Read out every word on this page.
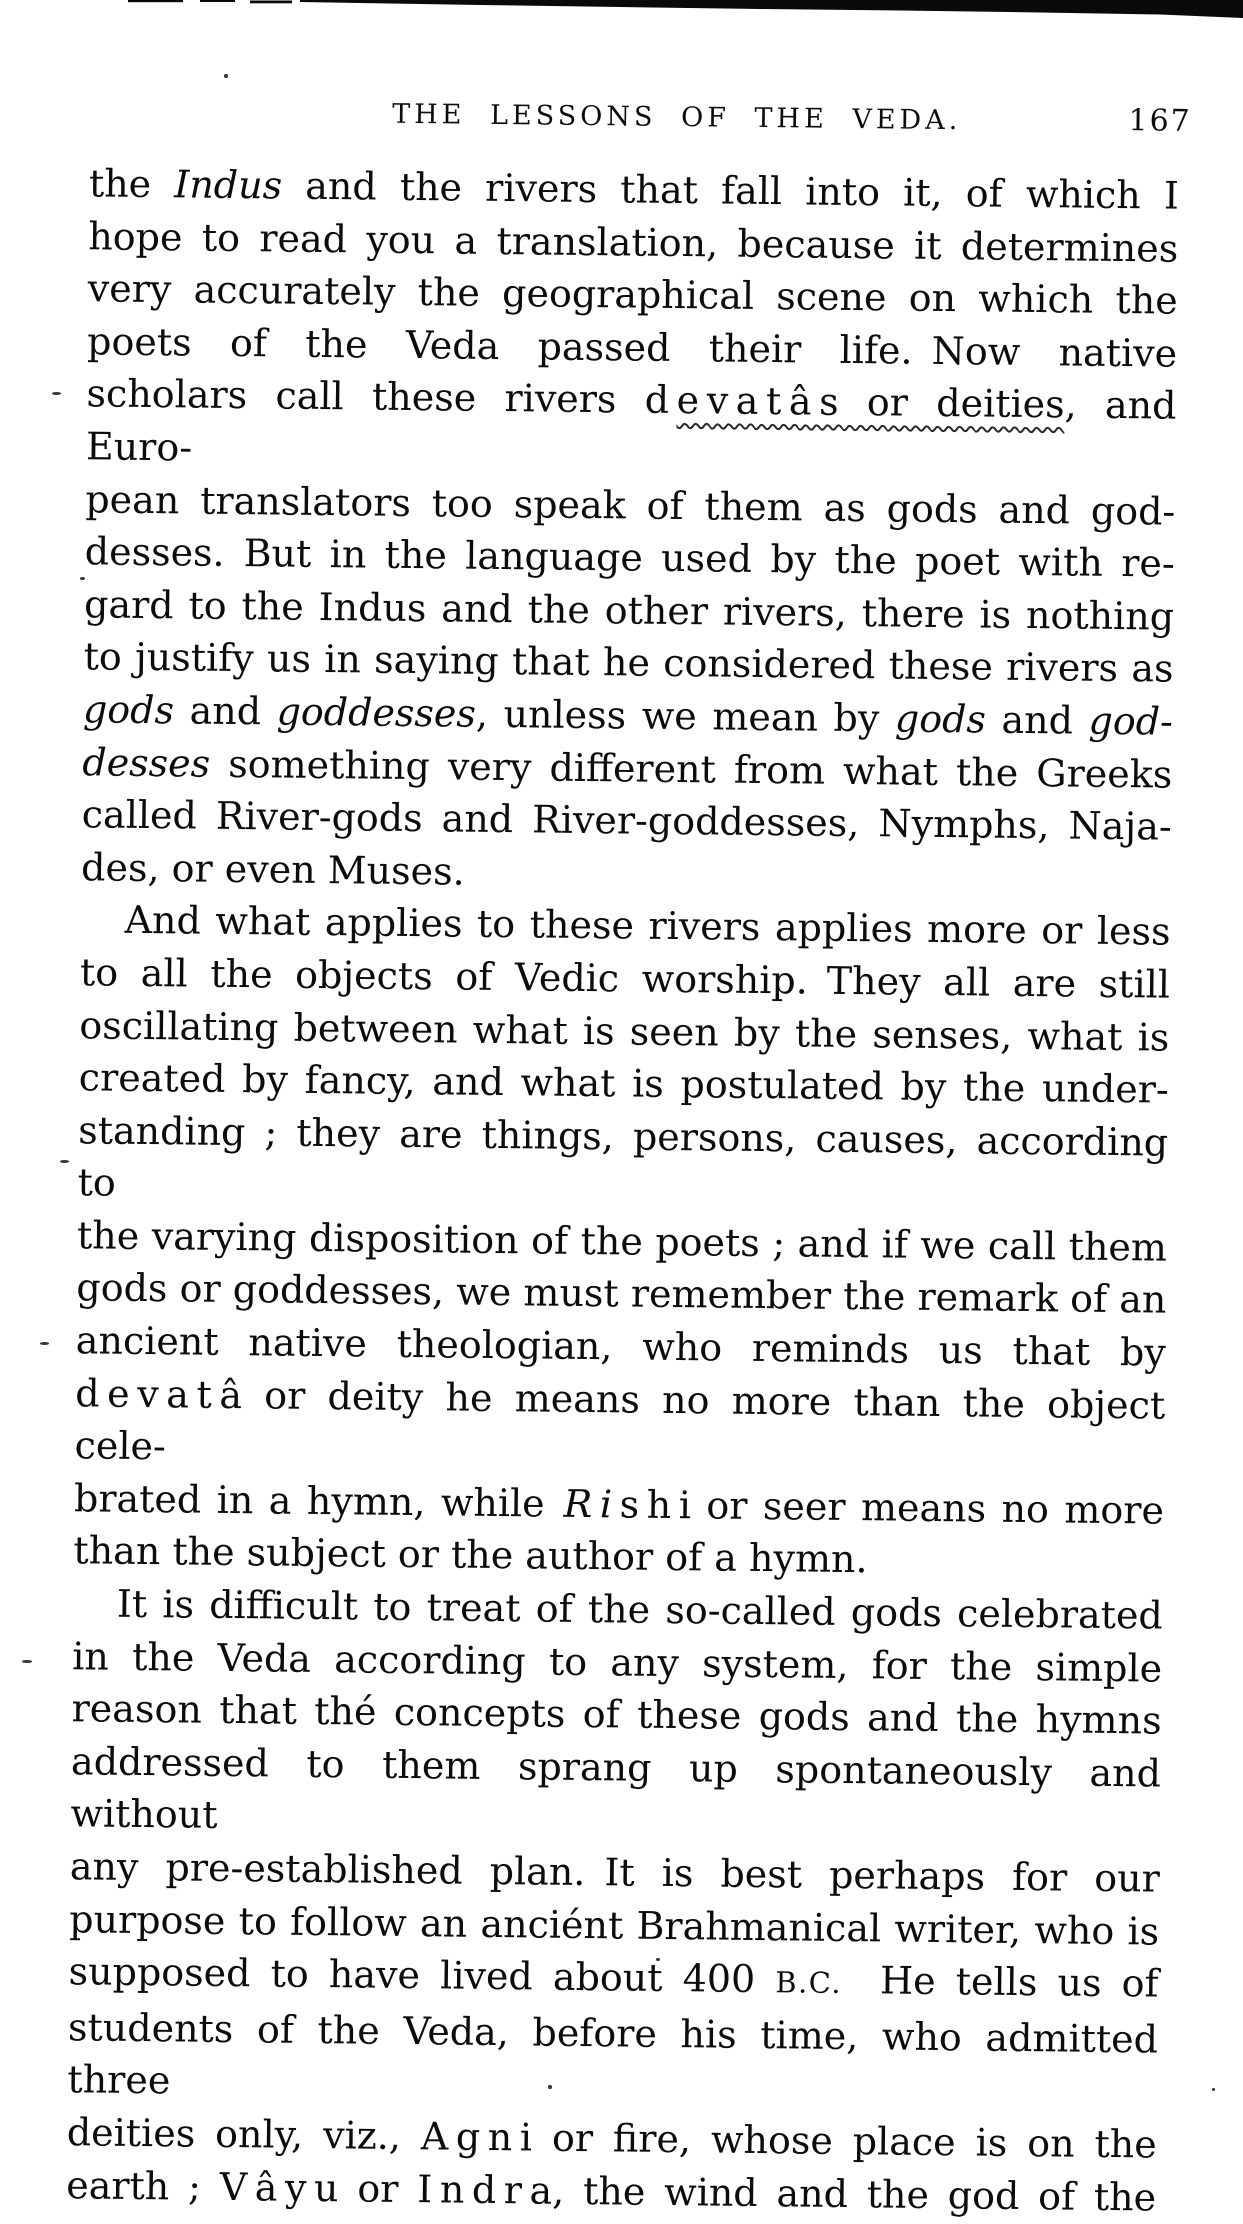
THE LESSONS OF THE VEDA.	167
the Indus and the rivers that fall into it, of which I
hope to read you a translation, because it determines
very accurately the geographical scene on which the
poets of the Veda passed their life. Now native
scholars call these rivers d e v a t â s or deities, and Euro-
pean translators too speak of them as gods and god-
desses. But in the language used by the poet with re-
gard to the Indus and the other rivers, there is nothing
to justify us in saying that he considered these rivers as
gods and goddesses, unless we mean by gods and god-
desses something very different from what the Greeks
called River-gods and River-goddesses, Nymphs, Naja-
des, or even Muses.
And what applies to these rivers applies more or less
to all the objects of Vedic worship. They all are still
oscillating between what is seen by the senses, what is
created by fancy, and what is postulated by the under-
standing ; they are things, persons, causes, according to
the varying disposition of the poets ; and if we call them
gods or goddesses, we must remember the remark of an
ancient native theologian, who reminds us that by
d e v a t â or deity he means no more than the object cele-
brated in a hymn, while R i s h i or seer means no more
than the subject or the author of a hymn.
It is difficult to treat of the so-called gods celebrated
in the Veda according to any system, for the simple
reason that thé concepts of these gods and the hymns
addressed to them sprang up spontaneously and without
any pre-established plan. It is best perhaps for our
purpose to follow an anciént Brahmanical writer, who is
supposed to have lived about 400 B.C.  He tells us of
students of the Veda, before his time, who admitted three
deities only, viz., A g n i or fire, whose place is on the
earth ; V â y u or I n d r a, the wind and the god of the
